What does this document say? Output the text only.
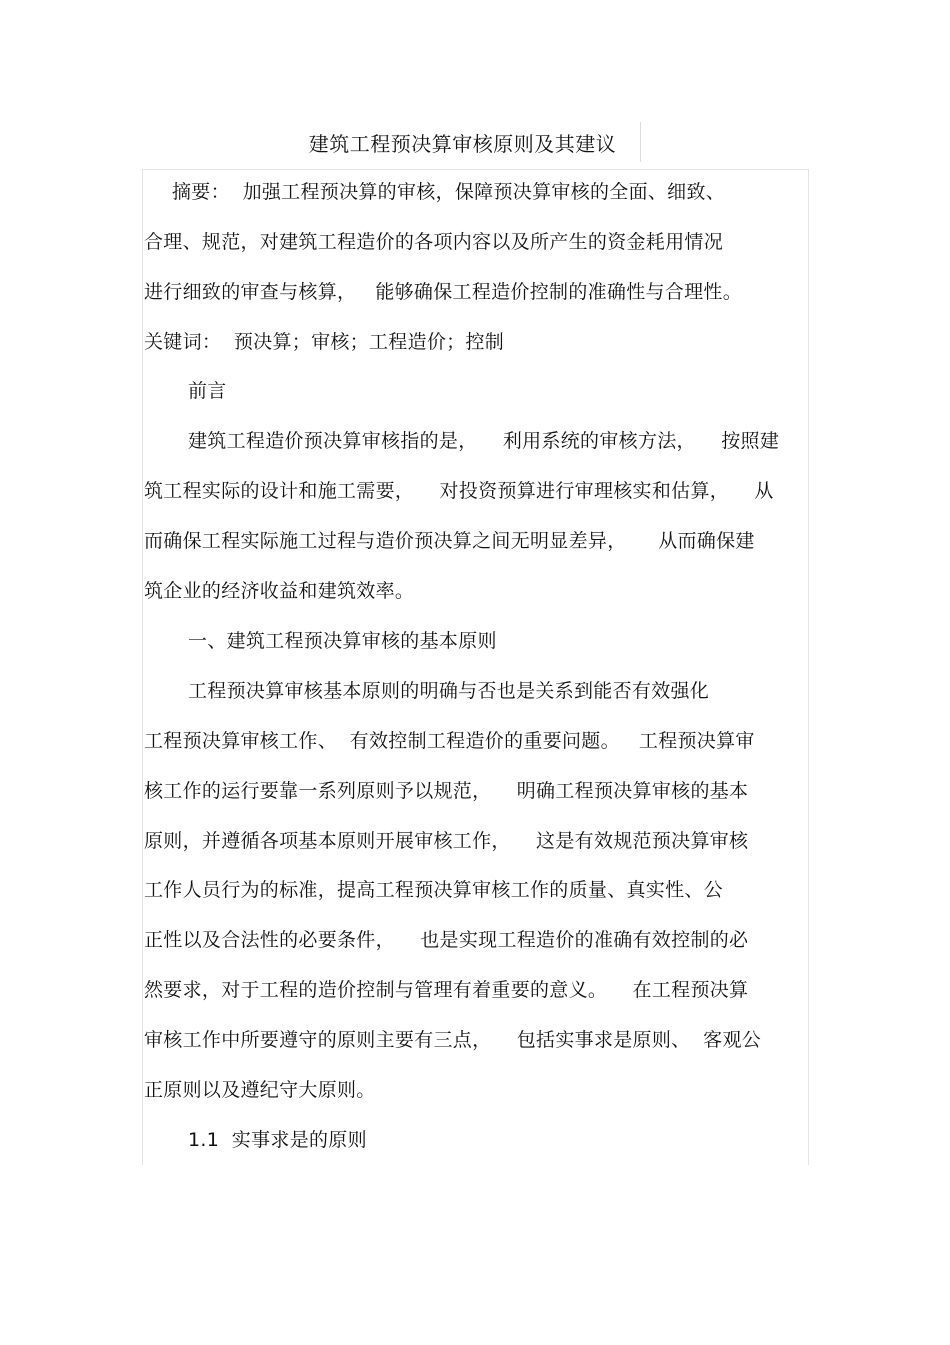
建筑工程预决算审核原则及其建议
摘要：  加强工程预决算的审核，保障预决算审核的全面、细致、
合理、规范，对建筑工程造价的各项内容以及所产生的资金耗用情况
进行细致的审查与核算，   能够确保工程造价控制的准确性与合理性。
关键词：  预决算；审核；工程造价；控制
前言
建筑工程造价预决算审核指的是，    利用系统的审核方法，    按照建
筑工程实际的设计和施工需要，    对投资预算进行审理核实和估算，    从
而确保工程实际施工过程与造价预决算之间无明显差异，     从而确保建
筑企业的经济收益和建筑效率。
一、建筑工程预决算审核的基本原则
工程预决算审核基本原则的明确与否也是关系到能否有效强化
工程预决算审核工作、  有效控制工程造价的重要问题。   工程预决算审
核工作的运行要靠一系列原则予以规范，    明确工程预决算审核的基本
原则，并遵循各项基本原则开展审核工作，    这是有效规范预决算审核
工作人员行为的标准，提高工程预决算审核工作的质量、真实性、公
正性以及合法性的必要条件，    也是实现工程造价的准确有效控制的必
然要求，对于工程的造价控制与管理有着重要的意义。    在工程预决算
审核工作中所要遵守的原则主要有三点，    包括实事求是原则、  客观公
正原则以及遵纪守大原则。
1.1  实事求是的原则
